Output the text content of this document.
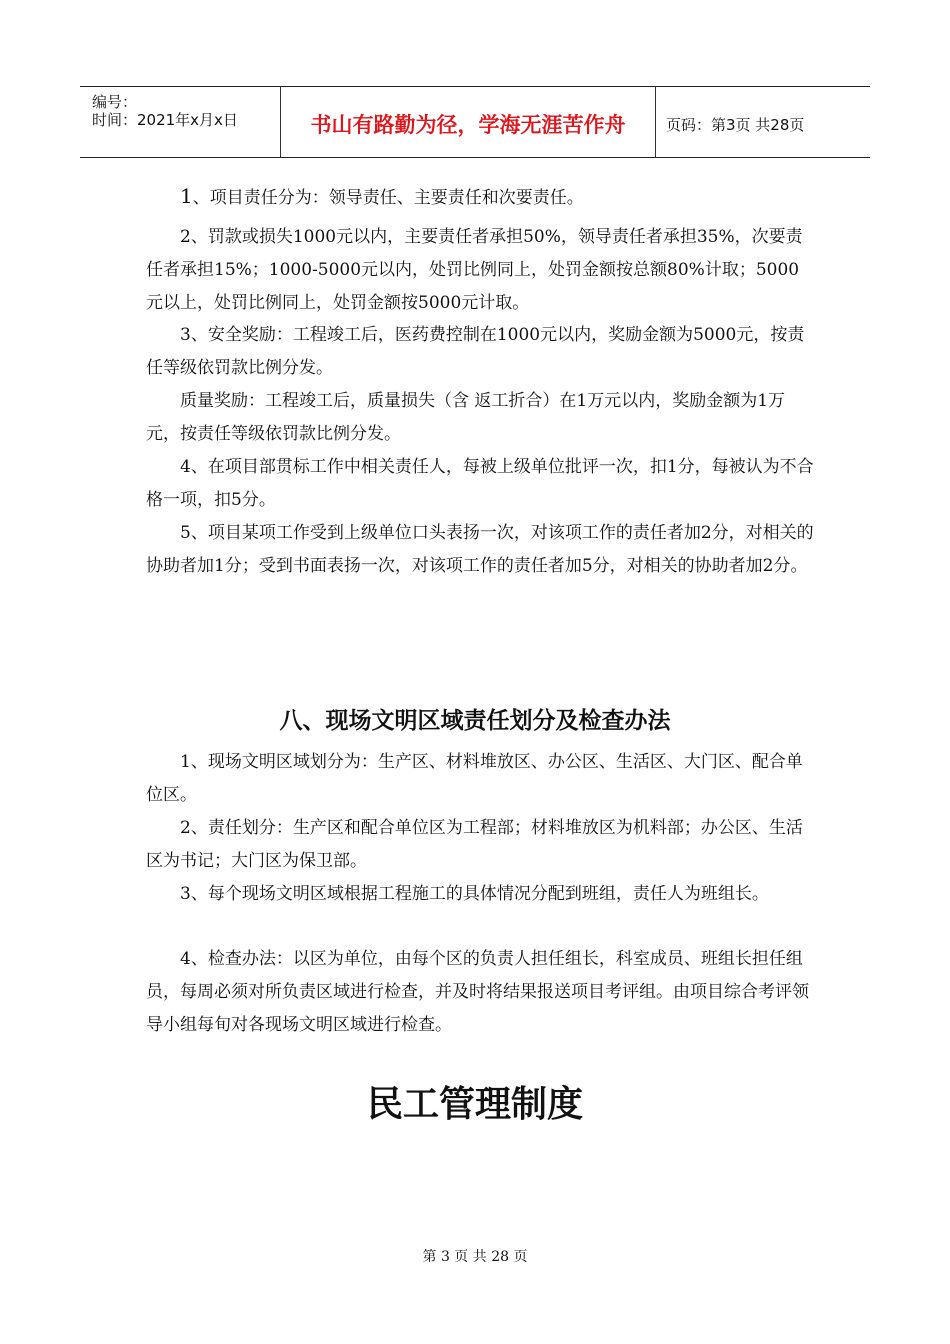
编号：
时间：2021年x月x日	书山有路勤为径，学海无涯苦作舟	页码：第3页 共28页

1、项目责任分为：领导责任、主要责任和次要责任。

2、罚款或损失1000元以内，主要责任者承担50%，领导责任者承担35%，次要责任者承担15%；1000-5000元以内，处罚比例同上，处罚金额按总额80%计取；5000元以上，处罚比例同上，处罚金额按5000元计取。

3、安全奖励：工程竣工后，医药费控制在1000元以内，奖励金额为5000元，按责任等级依罚款比例分发。

质量奖励：工程竣工后，质量损失（含 返工折合）在1万元以内，奖励金额为1万元，按责任等级依罚款比例分发。

4、在项目部贯标工作中相关责任人，每被上级单位批评一次，扣1分，每被认为不合格一项，扣5分。

5、项目某项工作受到上级单位口头表扬一次，对该项工作的责任者加2分，对相关的协助者加1分；受到书面表扬一次，对该项工作的责任者加5分，对相关的协助者加2分。

八、现场文明区域责任划分及检查办法

1、现场文明区域划分为：生产区、材料堆放区、办公区、生活区、大门区、配合单位区。

2、责任划分：生产区和配合单位区为工程部；材料堆放区为机料部；办公区、生活区为书记；大门区为保卫部。

3、每个现场文明区域根据工程施工的具体情况分配到班组，责任人为班组长。

4、检查办法：以区为单位，由每个区的负责人担任组长，科室成员、班组长担任组员，每周必须对所负责区域进行检查，并及时将结果报送项目考评组。由项目综合考评领导小组每旬对各现场文明区域进行检查。

民工管理制度
第 3 页 共 28 页
